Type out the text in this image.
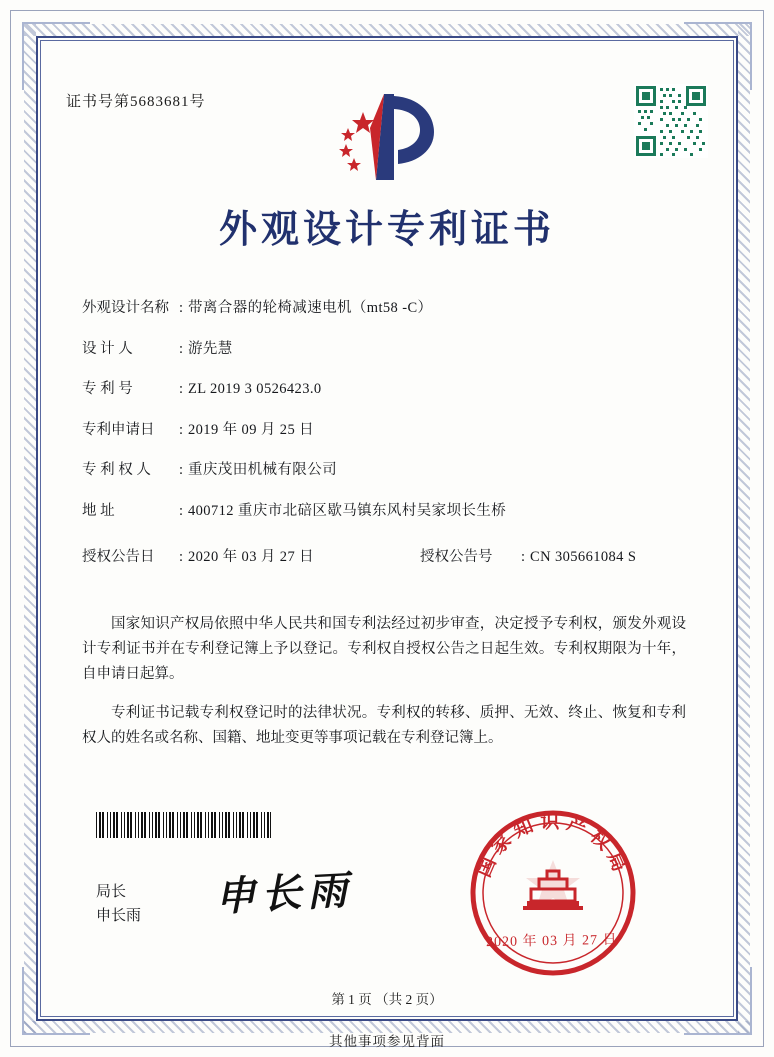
证书号第5683681号
外观设计专利证书
外观设计名称 : 带离合器的轮椅减速电机（mt58 -C）
设 计 人	: 游先慧
专 利 号	: ZL 2019 3 0526423.0
专利申请日	: 2019 年 09 月 25 日
专 利 权 人	: 重庆茂田机械有限公司
地 址	: 400712 重庆市北碚区歇马镇东风村吴家坝长生桥
授权公告日	: 2020 年 03 月 27 日	授权公告号	: CN 305661084 S

国家知识产权局依照中华人民共和国专利法经过初步审查，决定授予专利权，颁发外观设计专利证书并在专利登记簿上予以登记。专利权自授权公告之日起生效。专利权期限为十年，自申请日起算。

专利证书记载专利权登记时的法律状况。专利权的转移、质押、无效、终止、恢复和专利权人的姓名或名称、国籍、地址变更等事项记载在专利登记簿上。

局长
申长雨 申长雨
国家知识产权局
2020 年 03 月 27 日
第 1 页 （共 2 页）
其他事项参见背面
